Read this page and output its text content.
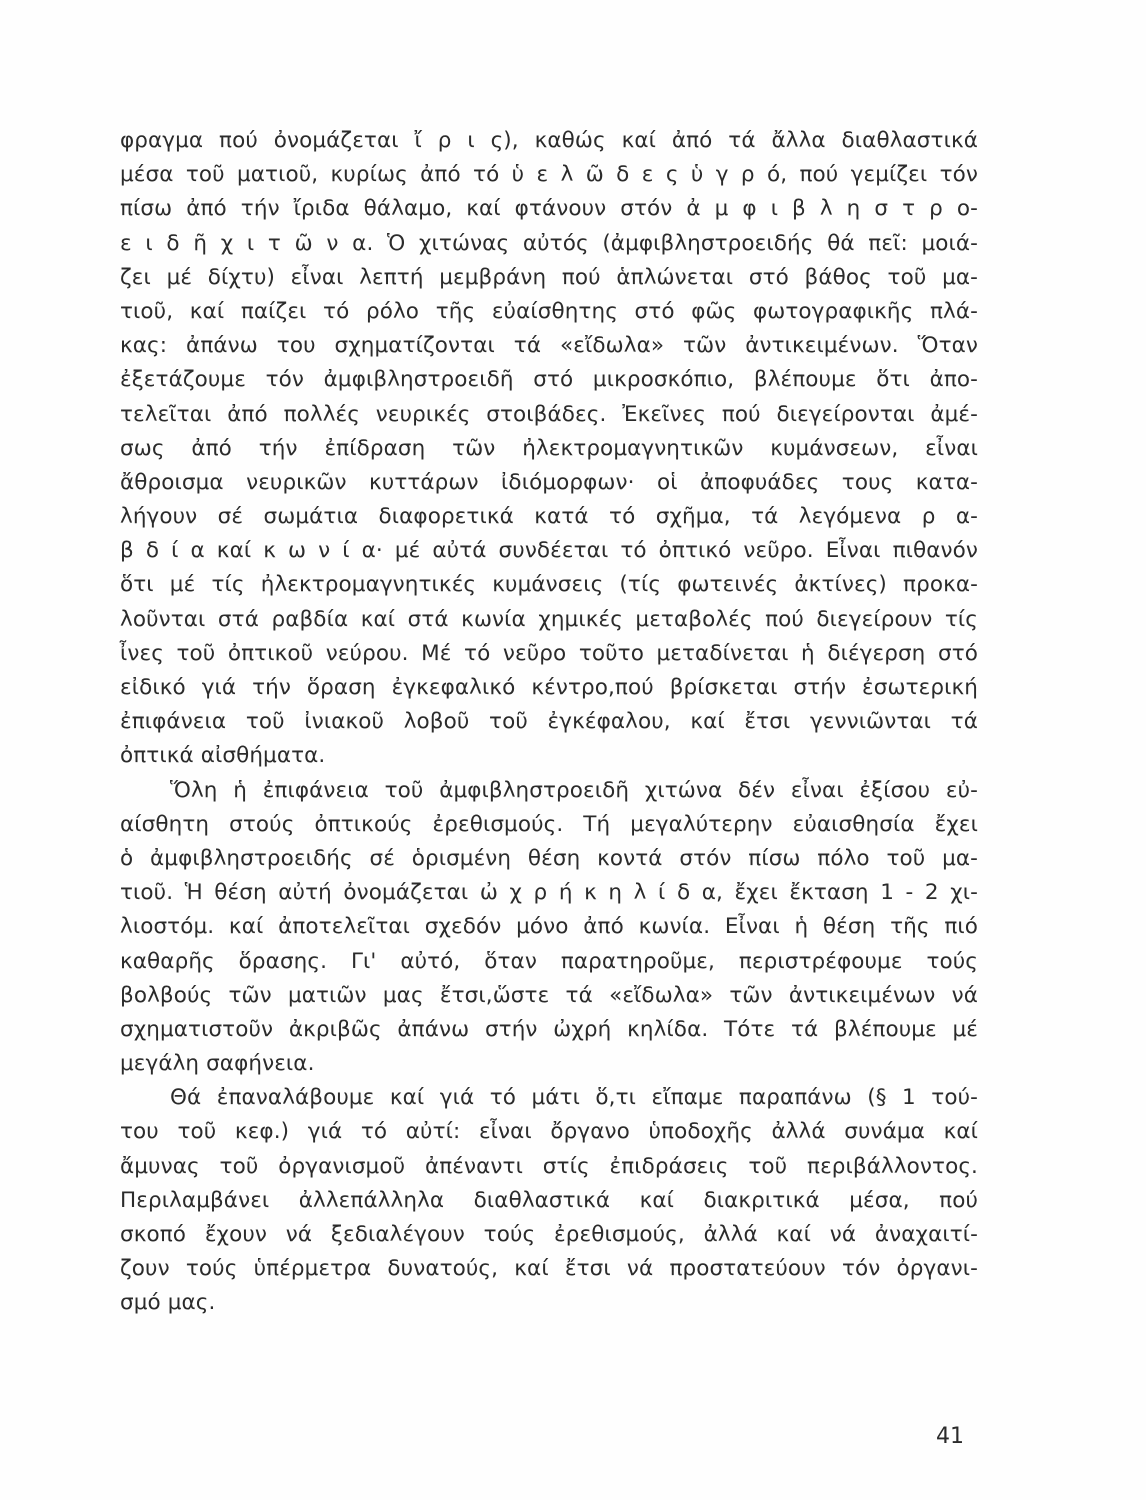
φραγμα πού ὀνομάζεται ἴ ρ ι ς), καθώς καί ἀπό τά ἄλλα διαθλαστικά
μέσα τοῦ ματιοῦ, κυρίως ἀπό τό ὑ ε λ ῶ δ ε ς ὑ γ ρ ό, πού γεμίζει τόν
πίσω ἀπό τήν ἴριδα θάλαμο, καί φτάνουν στόν ἀ μ φ ι β λ η σ τ ρ ο-
ε ι δ ῆ χ ι τ ῶ ν α. Ὁ χιτώνας αὐτός (ἀμφιβληστροειδής θά πεῖ: μοιά-
ζει μέ δίχτυ) εἶναι λεπτή μεμβράνη πού ἁπλώνεται στό βάθος τοῦ μα-
τιοῦ, καί παίζει τό ρόλο τῆς εὐαίσθητης στό φῶς φωτογραφικῆς πλά-
κας: ἀπάνω του σχηματίζονται τά «εἴδωλα» τῶν ἀντικειμένων. Ὅταν
ἐξετάζουμε τόν ἀμφιβληστροειδῆ στό μικροσκόπιο, βλέπουμε ὅτι ἀπο-
τελεῖται ἀπό πολλές νευρικές στοιβάδες. Ἐκεῖνες πού διεγείρονται ἀμέ-
σως ἀπό τήν ἐπίδραση τῶν ἠλεκτρομαγνητικῶν κυμάνσεων, εἶναι
ἄθροισμα νευρικῶν κυττάρων ἰδιόμορφων· οἱ ἀποφυάδες τους κατα-
λήγουν σέ σωμάτια διαφορετικά κατά τό σχῆμα, τά λεγόμενα ρ α-
β δ ί α καί κ ω ν ί α· μέ αὐτά συνδέεται τό ὀπτικό νεῦρο. Εἶναι πιθανόν
ὅτι μέ τίς ἠλεκτρομαγνητικές κυμάνσεις (τίς φωτεινές ἀκτίνες) προκα-
λοῦνται στά ραβδία καί στά κωνία χημικές μεταβολές πού διεγείρουν τίς
ἶνες τοῦ ὀπτικοῦ νεύρου. Μέ τό νεῦρο τοῦτο μεταδίνεται ἡ διέγερση στό
εἰδικό γιά τήν ὅραση ἐγκεφαλικό κέντρο,πού βρίσκεται στήν ἐσωτερική
ἐπιφάνεια τοῦ ἰνιακοῦ λοβοῦ τοῦ ἐγκέφαλου, καί ἔτσι γεννιῶνται τά
ὀπτικά αἰσθήματα.
Ὅλη ἡ ἐπιφάνεια τοῦ ἀμφιβληστροειδῆ χιτώνα δέν εἶναι ἐξίσου εὐ-
αίσθητη στούς ὀπτικούς ἐρεθισμούς. Τή μεγαλύτερην εὐαισθησία ἔχει
ὁ ἀμφιβληστροειδής σέ ὁρισμένη θέση κοντά στόν πίσω πόλο τοῦ μα-
τιοῦ. Ἡ θέση αὐτή ὀνομάζεται ὠ χ ρ ή κ η λ ί δ α, ἔχει ἔκταση 1 - 2 χι-
λιοστόμ. καί ἀποτελεῖται σχεδόν μόνο ἀπό κωνία. Εἶναι ἡ θέση τῆς πιό
καθαρῆς ὅρασης. Γι' αὐτό, ὅταν παρατηροῦμε, περιστρέφουμε τούς
βολβούς τῶν ματιῶν μας ἔτσι,ὥστε τά «εἴδωλα» τῶν ἀντικειμένων νά
σχηματιστοῦν ἀκριβῶς ἀπάνω στήν ὠχρή κηλίδα. Τότε τά βλέπουμε μέ
μεγάλη σαφήνεια.
Θά ἐπαναλάβουμε καί γιά τό μάτι ὅ,τι εἴπαμε παραπάνω (§ 1 τού-
του τοῦ κεφ.) γιά τό αὐτί: εἶναι ὄργανο ὑποδοχῆς ἀλλά συνάμα καί
ἄμυνας τοῦ ὀργανισμοῦ ἀπέναντι στίς ἐπιδράσεις τοῦ περιβάλλοντος.
Περιλαμβάνει ἀλλεπάλληλα διαθλαστικά καί διακριτικά μέσα, πού
σκοπό ἔχουν νά ξεδιαλέγουν τούς ἐρεθισμούς, ἀλλά καί νά ἀναχαιτί-
ζουν τούς ὑπέρμετρα δυνατούς, καί ἔτσι νά προστατεύουν τόν ὀργανι-
σμό μας.
41
